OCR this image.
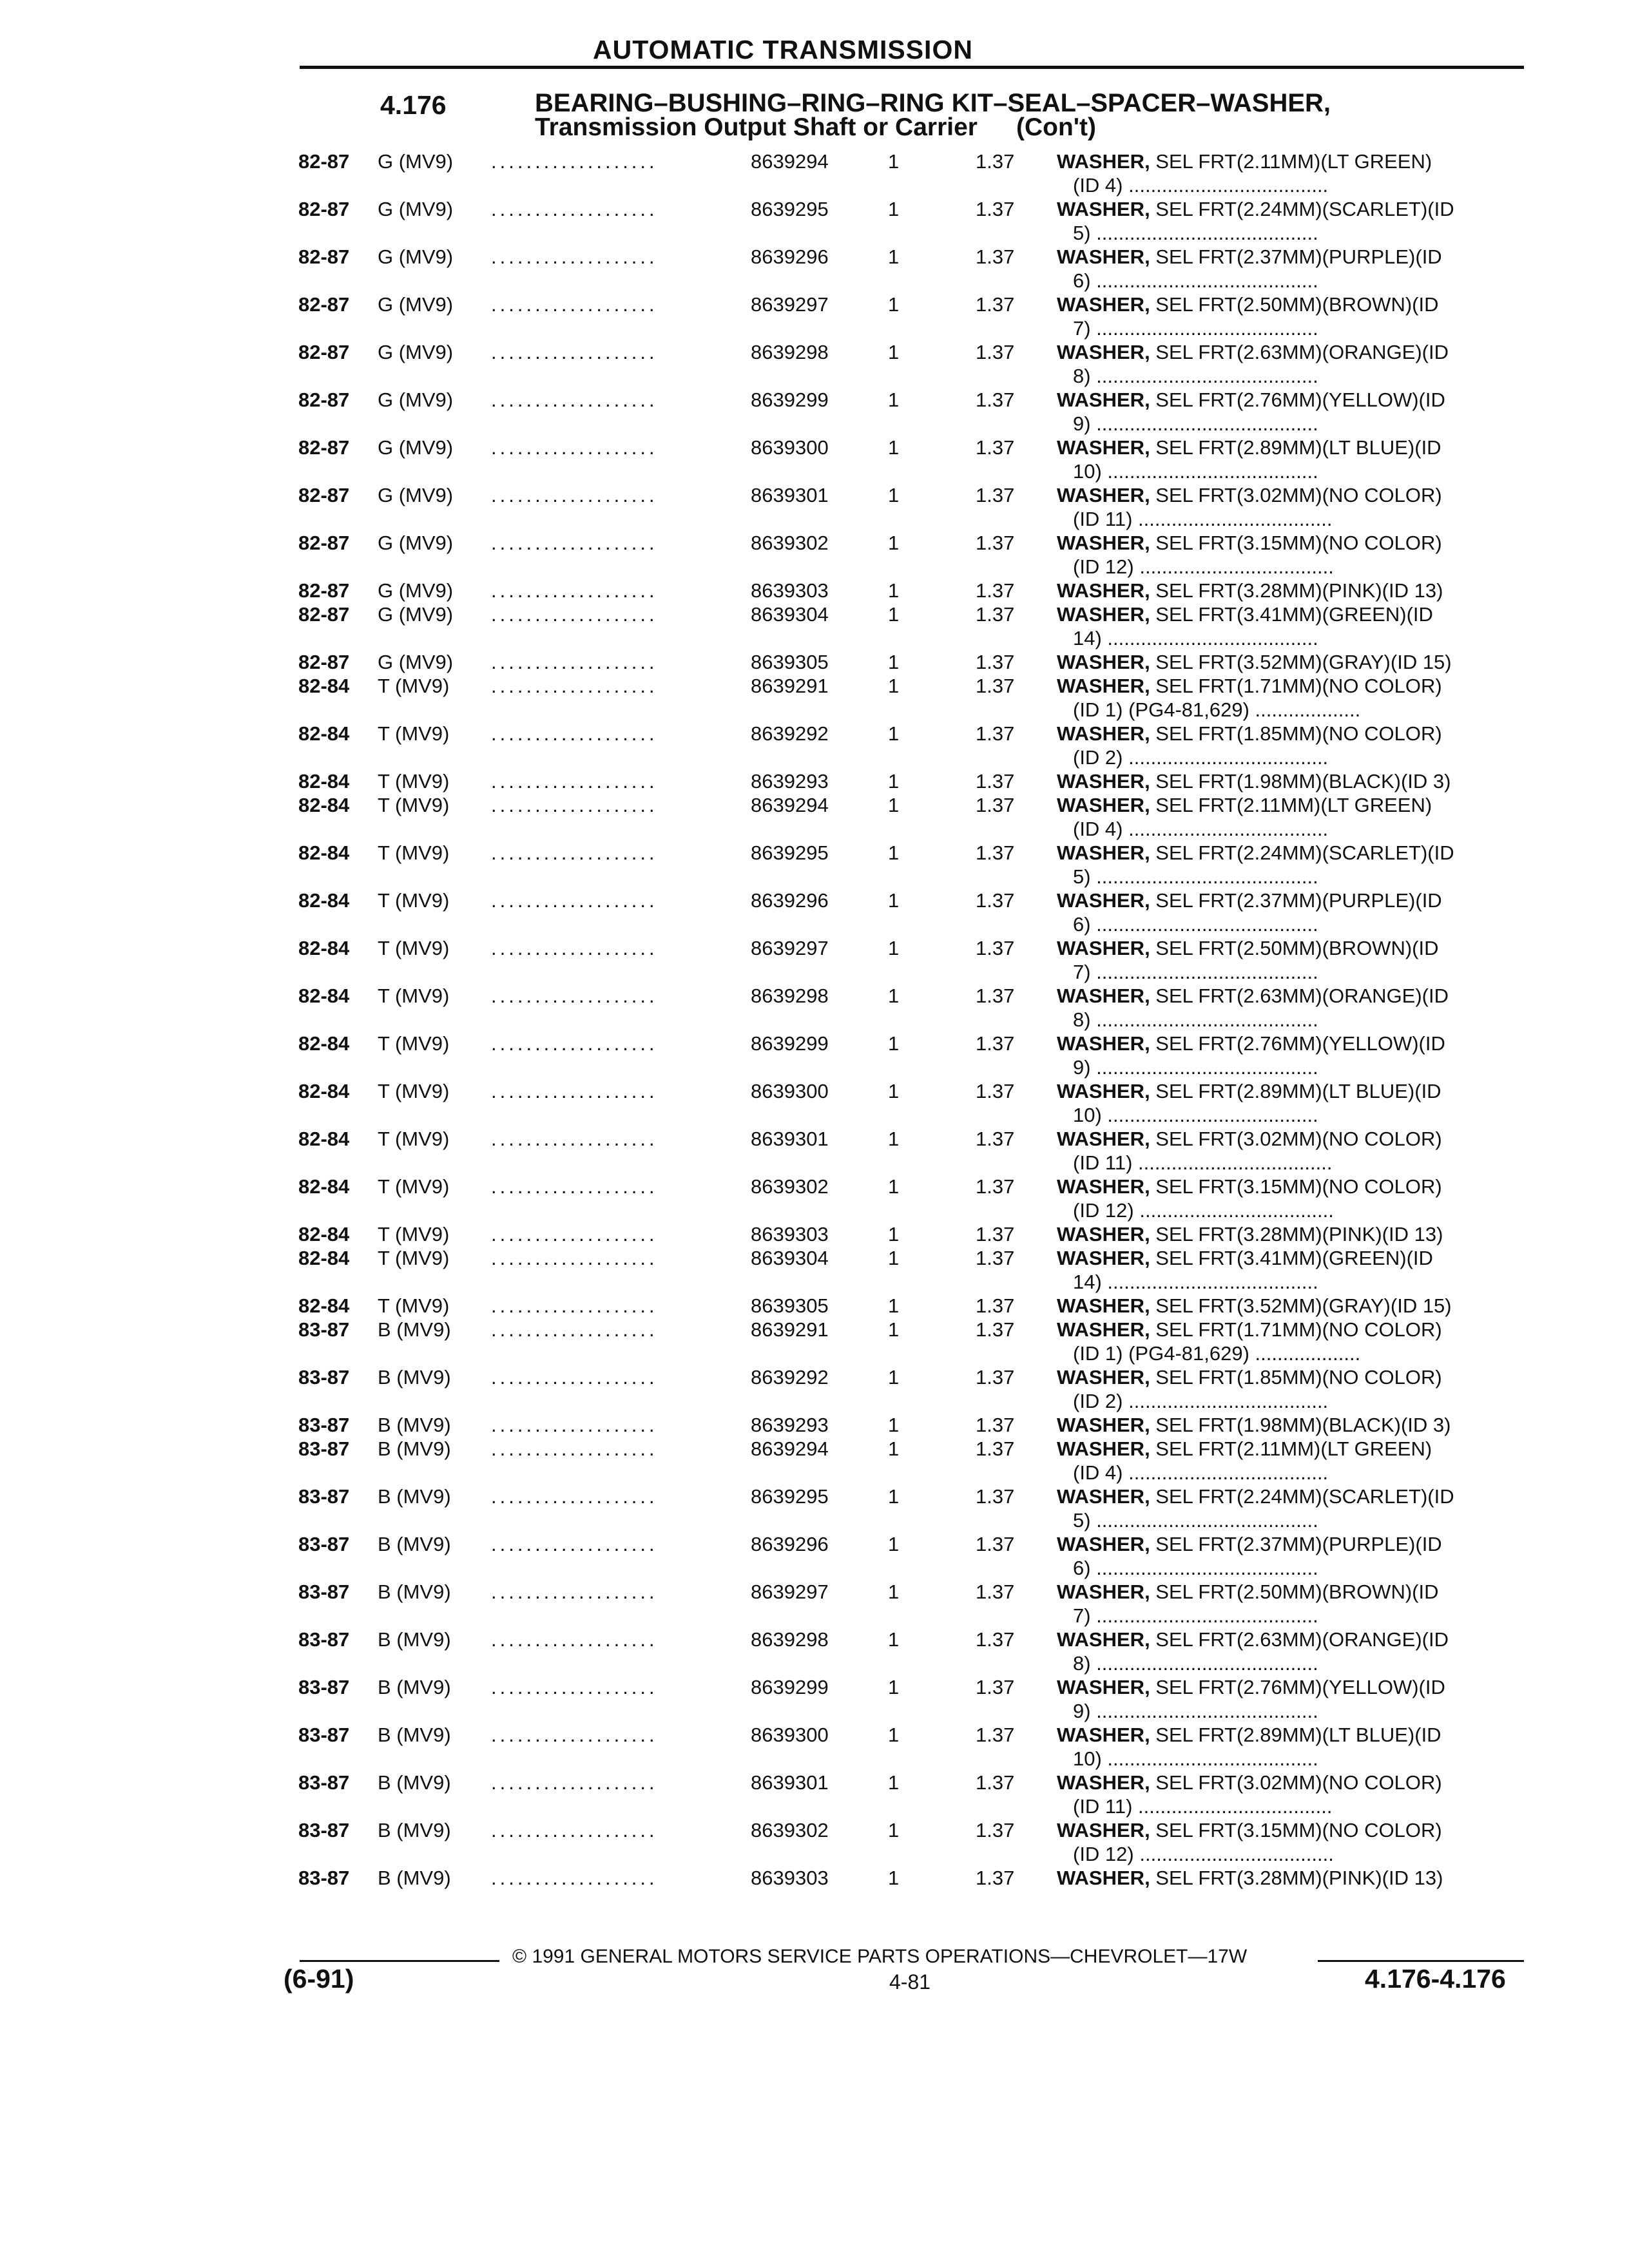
AUTOMATIC TRANSMISSION
4.176	BEARING–BUSHING–RING–RING KIT–SEAL–SPACER–WASHER,
Transmission Output Shaft or Carrier (Con't)
82-87 G (MV9) ...................	8639294	1	1.37 WASHER, SEL FRT(2.11MM)(LT GREEN)
(ID 4) ....................................
82-87 G (MV9) ...................	8639295	1	1.37 WASHER, SEL FRT(2.24MM)(SCARLET)(ID
5) ........................................
82-87 G (MV9) ...................	8639296	1	1.37 WASHER, SEL FRT(2.37MM)(PURPLE)(ID
6) ........................................
82-87 G (MV9) ...................	8639297	1	1.37 WASHER, SEL FRT(2.50MM)(BROWN)(ID
7) ........................................
82-87 G (MV9) ...................	8639298	1	1.37 WASHER, SEL FRT(2.63MM)(ORANGE)(ID
8) ........................................
82-87 G (MV9) ...................	8639299	1	1.37 WASHER, SEL FRT(2.76MM)(YELLOW)(ID
9) ........................................
82-87 G (MV9) ...................	8639300	1	1.37 WASHER, SEL FRT(2.89MM)(LT BLUE)(ID
10) ......................................
82-87 G (MV9) ...................	8639301	1	1.37 WASHER, SEL FRT(3.02MM)(NO COLOR)
(ID 11) ...................................
82-87 G (MV9) ...................	8639302	1	1.37 WASHER, SEL FRT(3.15MM)(NO COLOR)
(ID 12) ...................................
82-87 G (MV9) ...................	8639303	1	1.37 WASHER, SEL FRT(3.28MM)(PINK)(ID 13)
82-87 G (MV9) ...................	8639304	1	1.37 WASHER, SEL FRT(3.41MM)(GREEN)(ID
14) ......................................
82-87 G (MV9) ...................	8639305	1	1.37 WASHER, SEL FRT(3.52MM)(GRAY)(ID 15)
82-84 T (MV9) ...................	8639291	1	1.37 WASHER, SEL FRT(1.71MM)(NO COLOR)
(ID 1) (PG4-81,629) ...................
82-84 T (MV9) ...................	8639292	1	1.37 WASHER, SEL FRT(1.85MM)(NO COLOR)
(ID 2) ....................................
82-84 T (MV9) ...................	8639293	1	1.37 WASHER, SEL FRT(1.98MM)(BLACK)(ID 3)
82-84 T (MV9) ...................	8639294	1	1.37 WASHER, SEL FRT(2.11MM)(LT GREEN)
(ID 4) ....................................
82-84 T (MV9) ...................	8639295	1	1.37 WASHER, SEL FRT(2.24MM)(SCARLET)(ID
5) ........................................
82-84 T (MV9) ...................	8639296	1	1.37 WASHER, SEL FRT(2.37MM)(PURPLE)(ID
6) ........................................
82-84 T (MV9) ...................	8639297	1	1.37 WASHER, SEL FRT(2.50MM)(BROWN)(ID
7) ........................................
82-84 T (MV9) ...................	8639298	1	1.37 WASHER, SEL FRT(2.63MM)(ORANGE)(ID
8) ........................................
82-84 T (MV9) ...................	8639299	1	1.37 WASHER, SEL FRT(2.76MM)(YELLOW)(ID
9) ........................................
82-84 T (MV9) ...................	8639300	1	1.37 WASHER, SEL FRT(2.89MM)(LT BLUE)(ID
10) ......................................
82-84 T (MV9) ...................	8639301	1	1.37 WASHER, SEL FRT(3.02MM)(NO COLOR)
(ID 11) ...................................
82-84 T (MV9) ...................	8639302	1	1.37 WASHER, SEL FRT(3.15MM)(NO COLOR)
(ID 12) ...................................
82-84 T (MV9) ...................	8639303	1	1.37 WASHER, SEL FRT(3.28MM)(PINK)(ID 13)
82-84 T (MV9) ...................	8639304	1	1.37 WASHER, SEL FRT(3.41MM)(GREEN)(ID
14) ......................................
82-84 T (MV9) ...................	8639305	1	1.37 WASHER, SEL FRT(3.52MM)(GRAY)(ID 15)
83-87 B (MV9) ...................	8639291	1	1.37 WASHER, SEL FRT(1.71MM)(NO COLOR)
(ID 1) (PG4-81,629) ...................
83-87 B (MV9) ...................	8639292	1	1.37 WASHER, SEL FRT(1.85MM)(NO COLOR)
(ID 2) ....................................
83-87 B (MV9) ...................	8639293	1	1.37 WASHER, SEL FRT(1.98MM)(BLACK)(ID 3)
83-87 B (MV9) ...................	8639294	1	1.37 WASHER, SEL FRT(2.11MM)(LT GREEN)
(ID 4) ....................................
83-87 B (MV9) ...................	8639295	1	1.37 WASHER, SEL FRT(2.24MM)(SCARLET)(ID
5) ........................................
83-87 B (MV9) ...................	8639296	1	1.37 WASHER, SEL FRT(2.37MM)(PURPLE)(ID
6) ........................................
83-87 B (MV9) ...................	8639297	1	1.37 WASHER, SEL FRT(2.50MM)(BROWN)(ID
7) ........................................
83-87 B (MV9) ...................	8639298	1	1.37 WASHER, SEL FRT(2.63MM)(ORANGE)(ID
8) ........................................
83-87 B (MV9) ...................	8639299	1	1.37 WASHER, SEL FRT(2.76MM)(YELLOW)(ID
9) ........................................
83-87 B (MV9) ...................	8639300	1	1.37 WASHER, SEL FRT(2.89MM)(LT BLUE)(ID
10) ......................................
83-87 B (MV9) ...................	8639301	1	1.37 WASHER, SEL FRT(3.02MM)(NO COLOR)
(ID 11) ...................................
83-87 B (MV9) ...................	8639302	1	1.37 WASHER, SEL FRT(3.15MM)(NO COLOR)
(ID 12) ...................................
83-87 B (MV9) ...................	8639303	1	1.37 WASHER, SEL FRT(3.28MM)(PINK)(ID 13)
© 1991 GENERAL MOTORS SERVICE PARTS OPERATIONS—CHEVROLET—17W
(6-91)	4-81	4.176-4.176
